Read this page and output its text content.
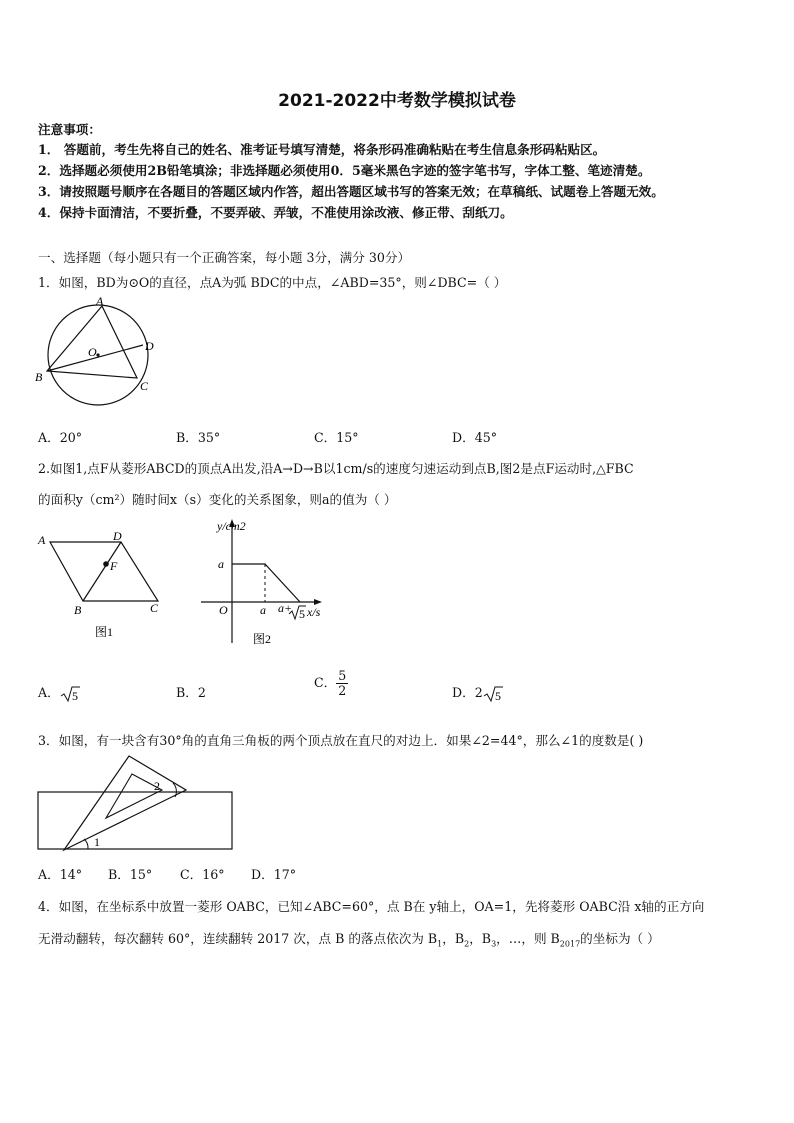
2021-2022中考数学模拟试卷
注意事项：
1． 答题前，考生先将自己的姓名、准考证号填写清楚，将条形码准确粘贴在考生信息条形码粘贴区。
2．选择题必须使用2B铅笔填涂；非选择题必须使用0．5毫米黑色字迹的签字笔书写，字体工整、笔迹清楚。
3．请按照题号顺序在各题目的答题区域内作答，超出答题区域书写的答案无效；在草稿纸、试题卷上答题无效。
4．保持卡面清洁，不要折叠，不要弄破、弄皱，不准使用涂改液、修正带、刮纸刀。
一、选择题（每小题只有一个正确答案，每小题 3分，满分 30分）
1．如图，BD为⊙O的直径，点A为弧 BDC的中点，∠ABD=35°，则∠DBC=（ ）
A
B
C
D
O
A．20°	B．35°	C．15°	D．45°
2.如图1,点F从菱形ABCD的顶点A出发,沿A→D→B以1cm/s的速度匀速运动到点B,图2是点F运动时,△FBC
的面积y（cm²）随时间x（s）变化的关系图象，则a的值为（ ）
A	D
B	C
F
图1
y/cm2
a
O	a a+ 5 x/s
图2
A． 5	B．2
C． $\frac{5}{2}$	D．2 5
3．如图，有一块含有30°角的直角三角板的两个顶点放在直尺的对边上．如果∠2=44°，那么∠1的度数是( )
2
1
A．14° B．15° C．16° D．17°
4．如图，在坐标系中放置一菱形 OABC，已知∠ABC=60°，点 B在 y轴上，OA=1，先将菱形 OABC沿 x轴的正方向
无滑动翻转，每次翻转 60°，连续翻转 2017 次，点 B 的落点依次为 $B_1$，$B_2$，$B_3$，…，则 $B_{2017}$的坐标为（ ）
